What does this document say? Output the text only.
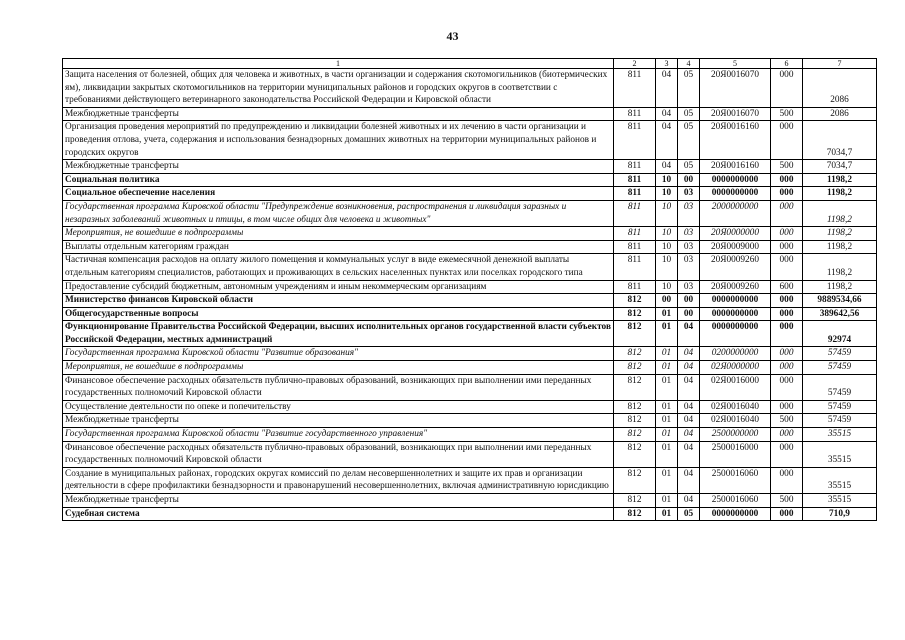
43
1	2	3	4	5	6	7
Защита населения от болезней, общих для человека и животных, в части организации и содержания скотомогильников (биотермических ям), ликвидации закрытых скотомогильников на территории муниципальных районов и городских округов в соответствии с требованиями действующего ветеринарного законодательства Российской Федерации и Кировской области	811	04	05	20Я0016070	000	2086
Межбюджетные трансферты	811	04	05	20Я0016070	500	2086
Организация проведения мероприятий по предупреждению и ликвидации болезней животных и их лечению в части организации и проведения отлова, учета, содержания и использования безнадзорных домашних животных на территории муниципальных районов и городских округов	811	04	05	20Я0016160	000	7034,7
Межбюджетные трансферты	811	04	05	20Я0016160	500	7034,7
Социальная политика	811	10	00	0000000000	000	1198,2
Социальное обеспечение населения	811	10	03	0000000000	000	1198,2
Государственная программа Кировской области "Предупреждение возникновения, распространения и ликвидация заразных и незаразных заболеваний животных и птицы, в том числе общих для человека и животных"	811	10	03	2000000000	000	1198,2
Мероприятия, не вошедшие в подпрограммы	811	10	03	20Я0000000	000	1198,2
Выплаты отдельным категориям граждан	811	10	03	20Я0009000	000	1198,2
Частичная компенсация расходов на оплату жилого помещения и коммунальных услуг в виде ежемесячной денежной выплаты отдельным категориям специалистов, работающих и проживающих в сельских населенных пунктах или поселках городского типа	811	10	03	20Я0009260	000	1198,2
Предоставление субсидий бюджетным, автономным учреждениям и иным некоммерческим организациям	811	10	03	20Я0009260	600	1198,2
Министерство финансов Кировской области	812	00	00	0000000000	000	9889534,66
Общегосударственные вопросы	812	01	00	0000000000	000	389642,56
Функционирование Правительства Российской Федерации, высших исполнительных органов государственной власти субъектов Российской Федерации, местных администраций	812	01	04	0000000000	000	92974
Государственная программа Кировской области "Развитие образования"	812	01	04	0200000000	000	57459
Мероприятия, не вошедшие в подпрограммы	812	01	04	02Я0000000	000	57459
Финансовое обеспечение расходных обязательств публично-правовых образований, возникающих при выполнении ими переданных государственных полномочий Кировской области	812	01	04	02Я0016000	000	57459
Осуществление деятельности по опеке и попечительству	812	01	04	02Я0016040	000	57459
Межбюджетные трансферты	812	01	04	02Я0016040	500	57459
Государственная программа Кировской области "Развитие государственного управления"	812	01	04	2500000000	000	35515
Финансовое обеспечение расходных обязательств публично-правовых образований, возникающих при выполнении ими переданных государственных полномочий Кировской области	812	01	04	2500016000	000	35515
Создание в муниципальных районах, городских округах комиссий по делам несовершеннолетних и защите их прав и организации деятельности в сфере профилактики безнадзорности и правонарушений несовершеннолетних, включая административную юрисдикцию	812	01	04	2500016060	000	35515
Межбюджетные трансферты	812	01	04	2500016060	500	35515
Судебная система	812	01	05	0000000000	000	710,9
